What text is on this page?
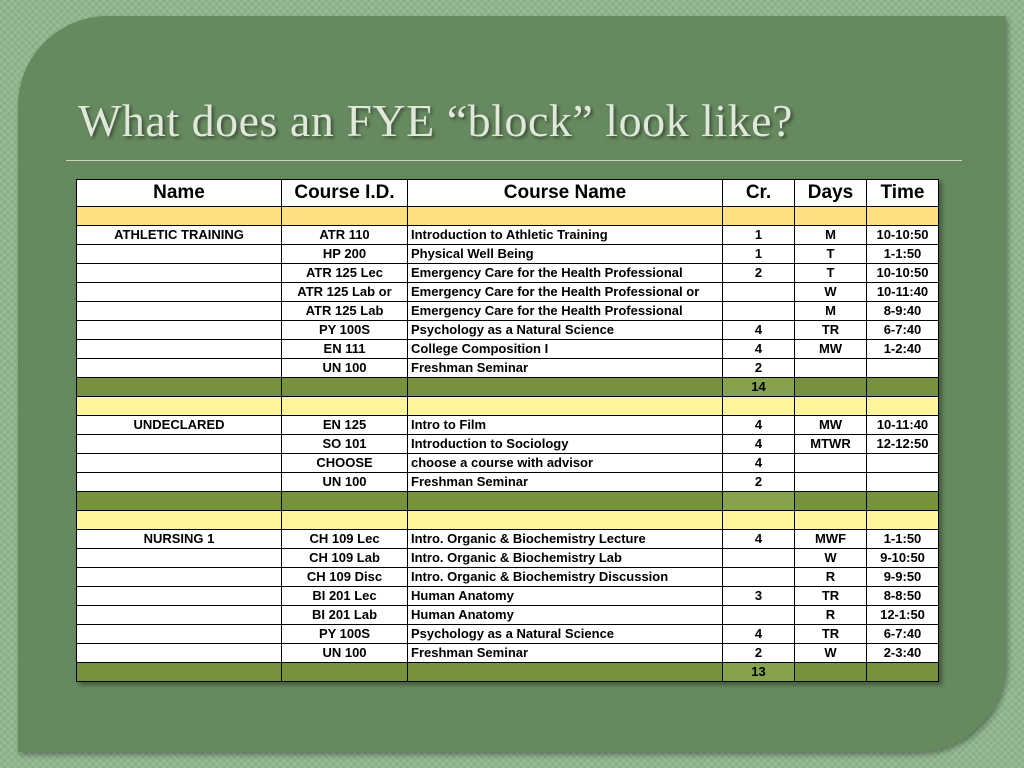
What does an FYE “block” look like?
Name	Course I.D.	Course Name	Cr.	Days	Time

ATHLETIC TRAINING	ATR 110	Introduction to Athletic Training	1	M	10-10:50
	HP 200	Physical Well Being	1	T	1-1:50
	ATR 125 Lec	Emergency Care for the Health Professional	2	T	10-10:50
	ATR 125 Lab or	Emergency Care for the Health Professional or		W	10-11:40
	ATR 125 Lab	Emergency Care for the Health Professional		M	8-9:40
	PY 100S	Psychology as a Natural Science	4	TR	6-7:40
	EN 111	College Composition I	4	MW	1-2:40
	UN 100	Freshman Seminar	2		
			14		

UNDECLARED	EN 125	Intro to Film	4	MW	10-11:40
	SO 101	Introduction to Sociology	4	MTWR	12-12:50
	CHOOSE	choose a course with advisor	4		
	UN 100	Freshman Seminar	2		

NURSING 1	CH 109 Lec	Intro. Organic & Biochemistry Lecture	4	MWF	1-1:50
	CH 109 Lab	Intro. Organic & Biochemistry Lab		W	9-10:50
	CH 109 Disc	Intro. Organic & Biochemistry Discussion		R	9-9:50
	BI 201 Lec	Human Anatomy	3	TR	8-8:50
	BI 201 Lab	Human Anatomy		R	12-1:50
	PY 100S	Psychology as a Natural Science	4	TR	6-7:40
	UN 100	Freshman Seminar	2	W	2-3:40
			13		
